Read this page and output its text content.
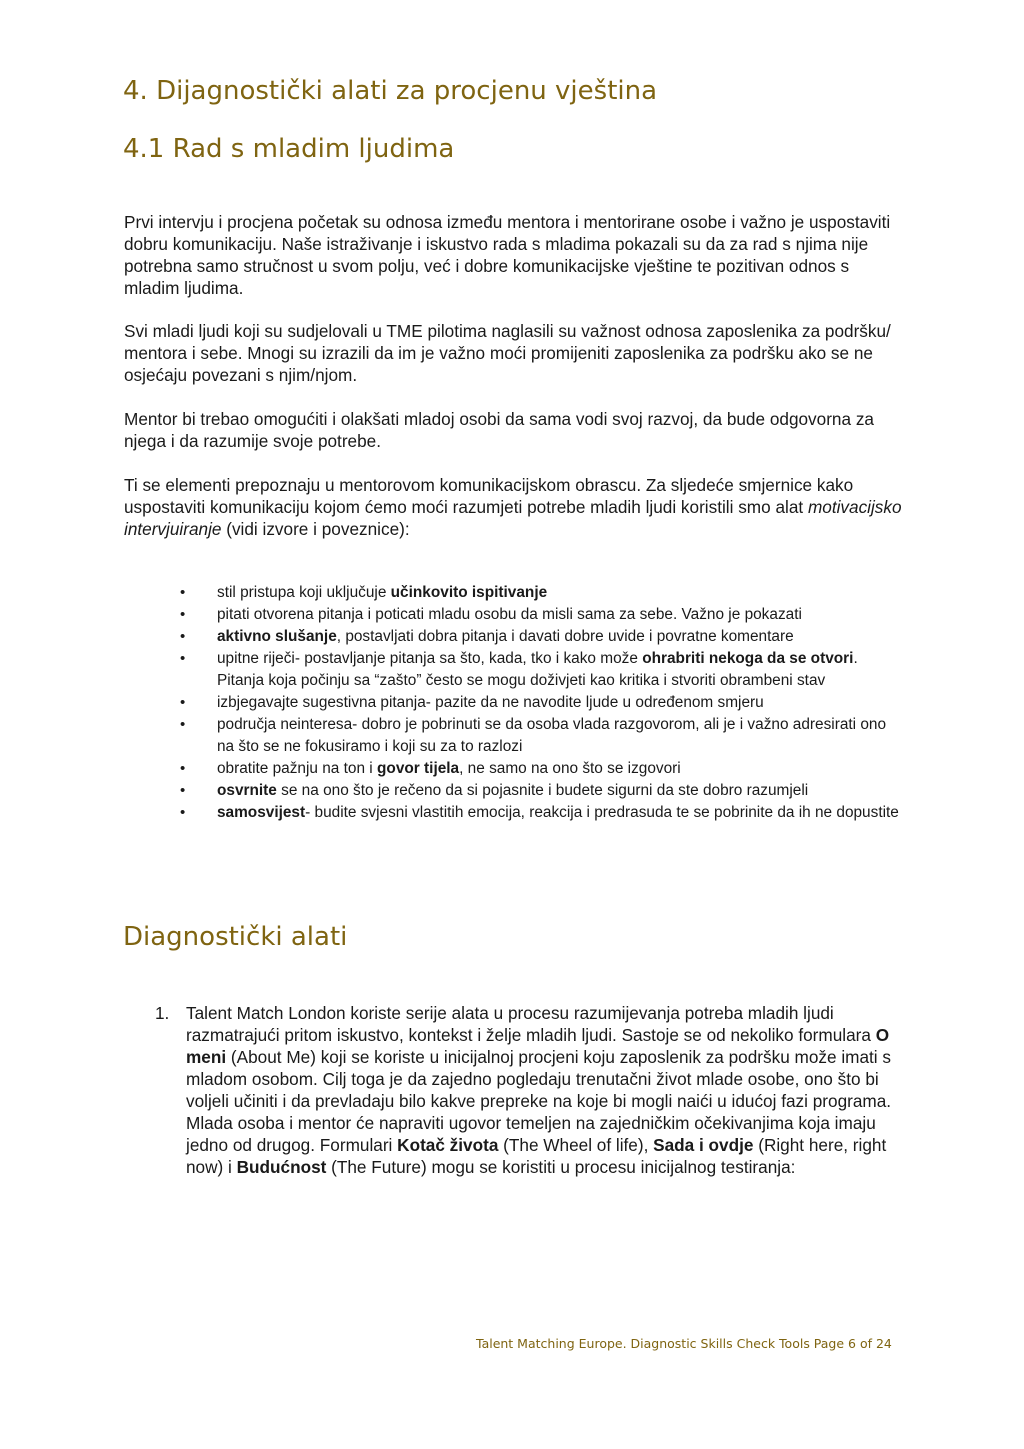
4. Dijagnostički alati za procjenu vještina
4.1 Rad s mladim ljudima

Prvi intervju i procjena početak su odnosa između mentora i mentorirane osobe i važno je uspostaviti dobru komunikaciju. Naše istraživanje i iskustvo rada s mladima pokazali su da za rad s njima nije potrebna samo stručnost u svom polju, već i dobre komunikacijske vještine te pozitivan odnos s mladim ljudima.

Svi mladi ljudi koji su sudjelovali u TME pilotima naglasili su važnost odnosa zaposlenika za podršku/ mentora i sebe. Mnogi su izrazili da im je važno moći promijeniti zaposlenika za podršku ako se ne osjećaju povezani s njim/njom.

Mentor bi trebao omogućiti i olakšati mladoj osobi da sama vodi svoj razvoj, da bude odgovorna za njega i da razumije svoje potrebe.

Ti se elementi prepoznaju u mentorovom komunikacijskom obrascu. Za sljedeće smjernice kako uspostaviti komunikaciju kojom ćemo moći razumjeti potrebe mladih ljudi koristili smo alat motivacijsko intervjuiranje (vidi izvore i poveznice):

• stil pristupa koji uključuje učinkovito ispitivanje
• pitati otvorena pitanja i poticati mladu osobu da misli sama za sebe. Važno je pokazati
• aktivno slušanje, postavljati dobra pitanja i davati dobre uvide i povratne komentare
• upitne riječi- postavljanje pitanja sa što, kada, tko i kako može ohrabriti nekoga da se otvori. Pitanja koja počinju sa “zašto” često se mogu doživjeti kao kritika i stvoriti obrambeni stav
• izbjegavajte sugestivna pitanja- pazite da ne navodite ljude u određenom smjeru
• područja neinteresa- dobro je pobrinuti se da osoba vlada razgovorom, ali je i važno adresirati ono na što se ne fokusiramo i koji su za to razlozi
• obratite pažnju na ton i govor tijela, ne samo na ono što se izgovori
• osvrnite se na ono što je rečeno da si pojasnite i budete sigurni da ste dobro razumjeli
• samosvijest- budite svjesni vlastitih emocija, reakcija i predrasuda te se pobrinite da ih ne dopustite
Diagnostički alati
1. Talent Match London koriste serije alata u procesu razumijevanja potreba mladih ljudi razmatrajući pritom iskustvo, kontekst i želje mladih ljudi. Sastoje se od nekoliko formulara O meni (About Me) koji se koriste u inicijalnoj procjeni koju zaposlenik za podršku može imati s mladom osobom. Cilj toga je da zajedno pogledaju trenutačni život mlade osobe, ono što bi voljeli učiniti i da prevladaju bilo kakve prepreke na koje bi mogli naići u idućoj fazi programa. Mlada osoba i mentor će napraviti ugovor temeljen na zajedničkim očekivanjima koja imaju jedno od drugog. Formulari Kotač života (The Wheel of life), Sada i ovdje (Right here, right now) i Budućnost (The Future) mogu se koristiti u procesu inicijalnog testiranja:
Talent Matching Europe. Diagnostic Skills Check Tools Page 6 of 24
